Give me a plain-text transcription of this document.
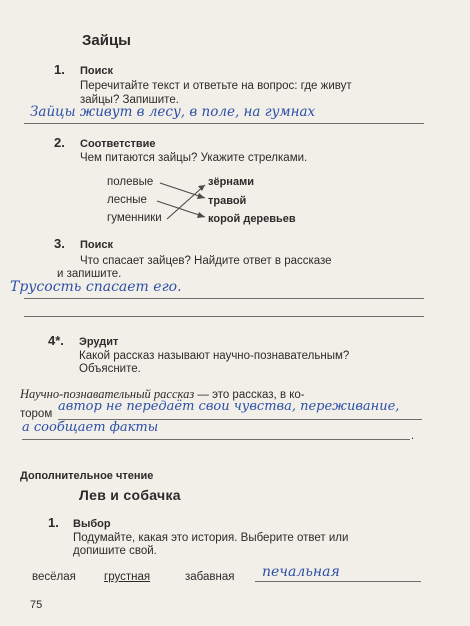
Зайцы
1. Поиск
Перечитайте текст и ответьте на вопрос: где живут
зайцы? Запишите.
Зайцы живут в лесу, в поле, на гумнах
2. Соответствие
Чем питаются зайцы? Укажите стрелками.
полевые
лесные
гуменники
зёрнами
травой
корой деревьев
3. Поиск
Что спасает зайцев? Найдите ответ в рассказе
и запишите.
Трусость спасает его.
4*. Эрудит
Какой рассказ называют научно-познавательным?
Объясните.
Научно-познавательный рассказ — это рассказ, в ко-
тором автор не передаёт свои чувства, переживание,
а сообщает факты
.
Дополнительное чтение
Лев и собачка
1. Выбор
Подумайте, какая это история. Выберите ответ или
допишите свой.
весёлая грустная	забавная печальная
75
